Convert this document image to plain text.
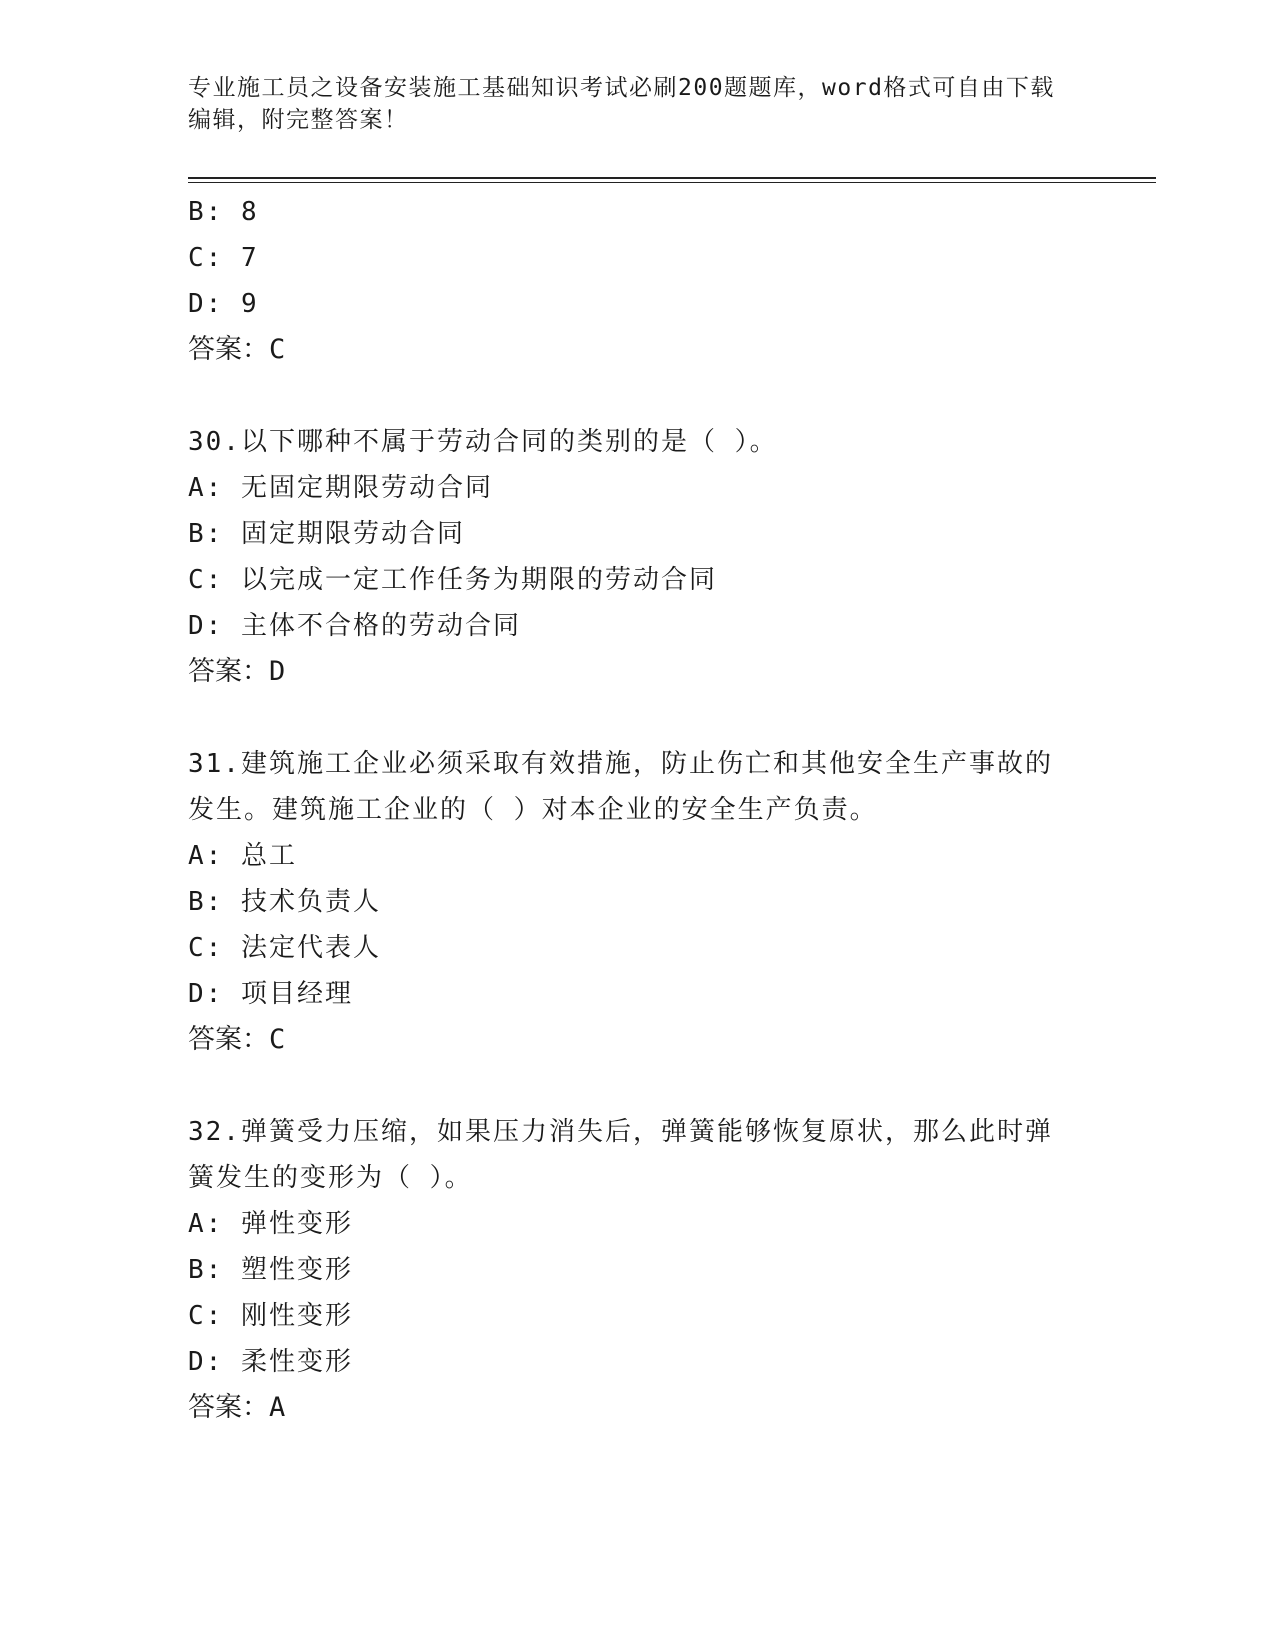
专业施工员之设备安装施工基础知识考试必刷200题题库，word格式可自由下载
编辑，附完整答案！
B: 8
C: 7
D: 9
答案：C
30.以下哪种不属于劳动合同的类别的是（ ）。
A: 无固定期限劳动合同
B: 固定期限劳动合同
C: 以完成一定工作任务为期限的劳动合同
D: 主体不合格的劳动合同
答案：D
31.建筑施工企业必须采取有效措施，防止伤亡和其他安全生产事故的
发生。建筑施工企业的（ ）对本企业的安全生产负责。
A: 总工
B: 技术负责人
C: 法定代表人
D: 项目经理
答案：C
32.弹簧受力压缩，如果压力消失后，弹簧能够恢复原状，那么此时弹
簧发生的变形为（ ）。
A: 弹性变形
B: 塑性变形
C: 刚性变形
D: 柔性变形
答案：A
